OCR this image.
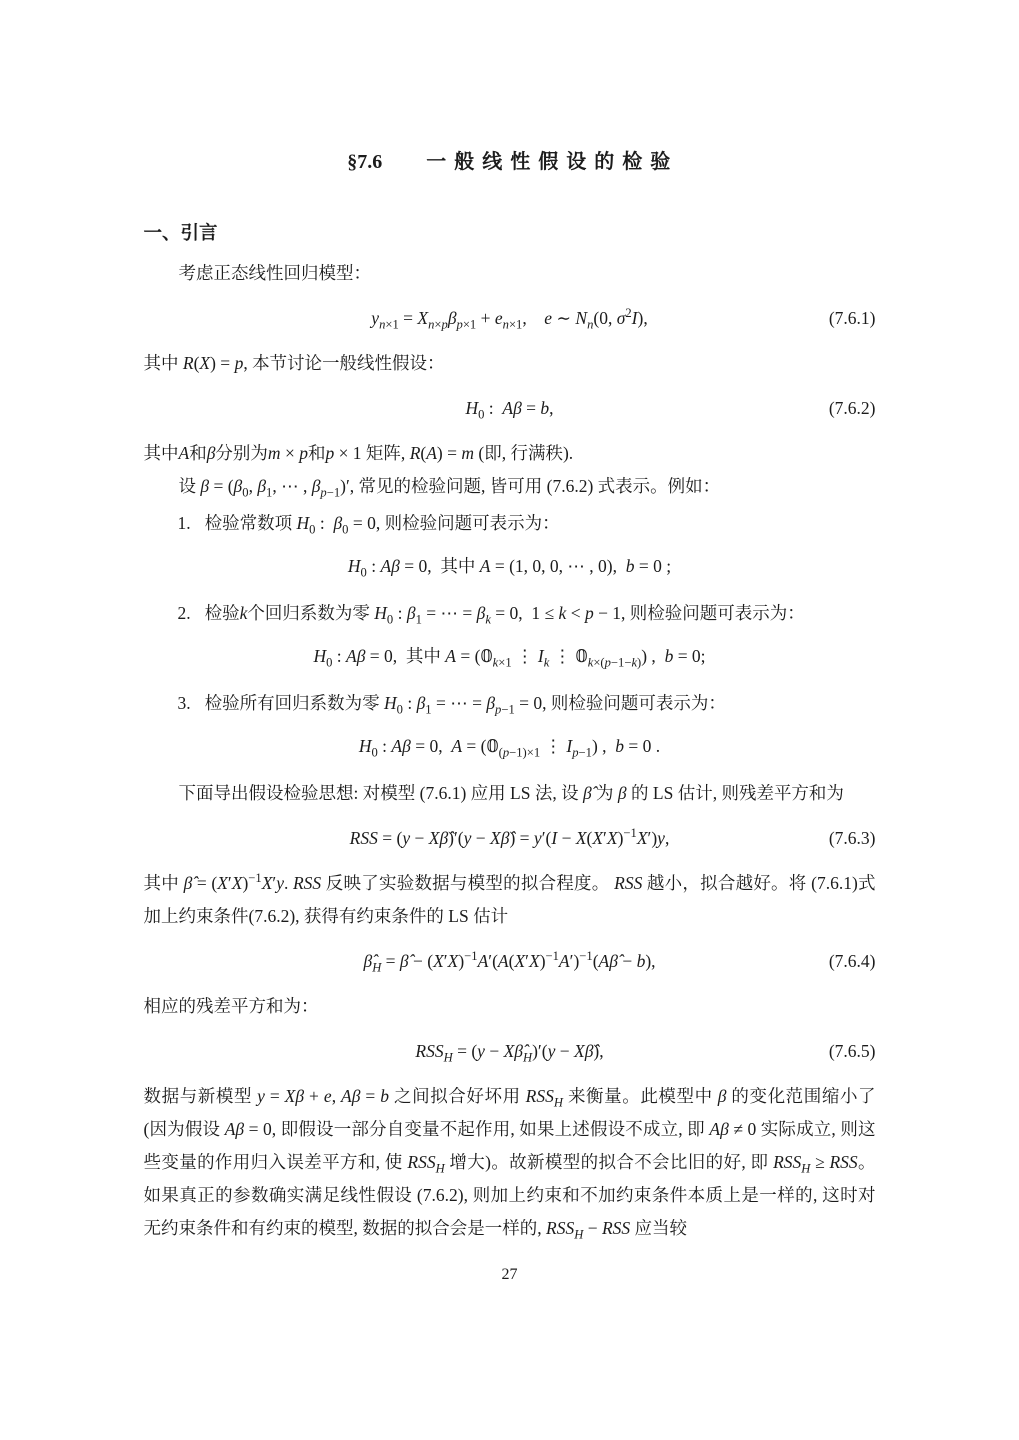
§7.6 一 般 线 性 假 设 的 检 验
一、引言

考虑正态线性回归模型：

$y_{n\times 1} = X_{n\times p}\beta_{p\times 1} + e_{n\times 1}$,    e ∼ $N_n(0$, $\sigma^2I$),	(7.6.1)

其中 R(X) = p, 本节讨论一般线性假设：

$H_0$ :  Aβ = b,	(7.6.2)

其中A和β分别为m × p和p × 1 矩阵, R(A) = m (即, 行满秩).

设 $\beta = (\beta_0$, $\beta_1$, ⋯ , $\beta_{p-1})'$, 常见的检验问题, 皆可用 (7.6.2) 式表示。例如：

1. 检验常数项 $H_0$ :  $\beta_0 = 0$, 则检验问题可表示为：
$H_0$ : Aβ = 0,  其中 A = (1, 0, 0, ⋯ , 0),  b = 0 ;
2. 检验k个回归系数为零 $H_0$ : $\beta_1$ = ⋯ = $\beta_k = 0$,  1 ≤ k < p − 1, 则检验问题可表示为：
$H_0$ : Aβ = 0,  其中 $A = (𝟘_{k\times 1}$ ⋮ $I_k$ ⋮ $𝟘_{k\times(p-1-k)}$) ,  b = 0;
3. 检验所有回归系数为零 $H_0$ : $\beta_1$ = ⋯ = $\beta_{p-1} = 0$, 则检验问题可表示为：
$H_0$ : Aβ = 0,  $A = (𝟘_{(p-1)\times 1}$ ⋮ $I_{p-1}$) ,  b = 0 .

下面导出假设检验思想: 对模型 (7.6.1) 应用 LS 法, 设 β̂ 为 β 的 LS 估计, 则残差平方和为

RSS = (y − Xβ̂)′(y − Xβ̂) = $y'(I - X(X'X)^{-1}X')y$,	(7.6.3)

其中 β̂ = $(X'X)^{-1}X'y$. RSS 反映了实验数据与模型的拟合程度。 RSS 越小，拟合越好。将 (7.6.1)式 加上约束条件(7.6.2), 获得有约束条件的 LS 估计

$\betâ_H$ = β̂ − $(X'X)^{-1}A'(A(X'X)^{-1}A')^{-1}(A\betâ - b)$,	(7.6.4)

相应的残差平方和为：

$RSS_H = (y$ − $X\betâ_H)'(y$ − Xβ̂),	(7.6.5)

数据与新模型 y = Xβ + e, Aβ = b 之间拟合好坏用 $RSS_H$ 来衡量。此模型中 β 的变化范围缩小了 (因为假设 Aβ = 0, 即假设一部分自变量不起作用, 如果上述假设不成立, 即 Aβ ≠ 0 实际成立, 则这些变量的作用归入误差平方和, 使 $RSS_H$ 增大)。故新模型的拟合不会比旧的好, 即 $RSS_H$ ≥ RSS。如果真正的参数确实满足线性假设 (7.6.2), 则加上约束和不加约束条件本质上是一样的, 这时对无约束条件和有约束的模型, 数据的拟合会是一样的, $RSS_H$ − RSS 应当较

27
